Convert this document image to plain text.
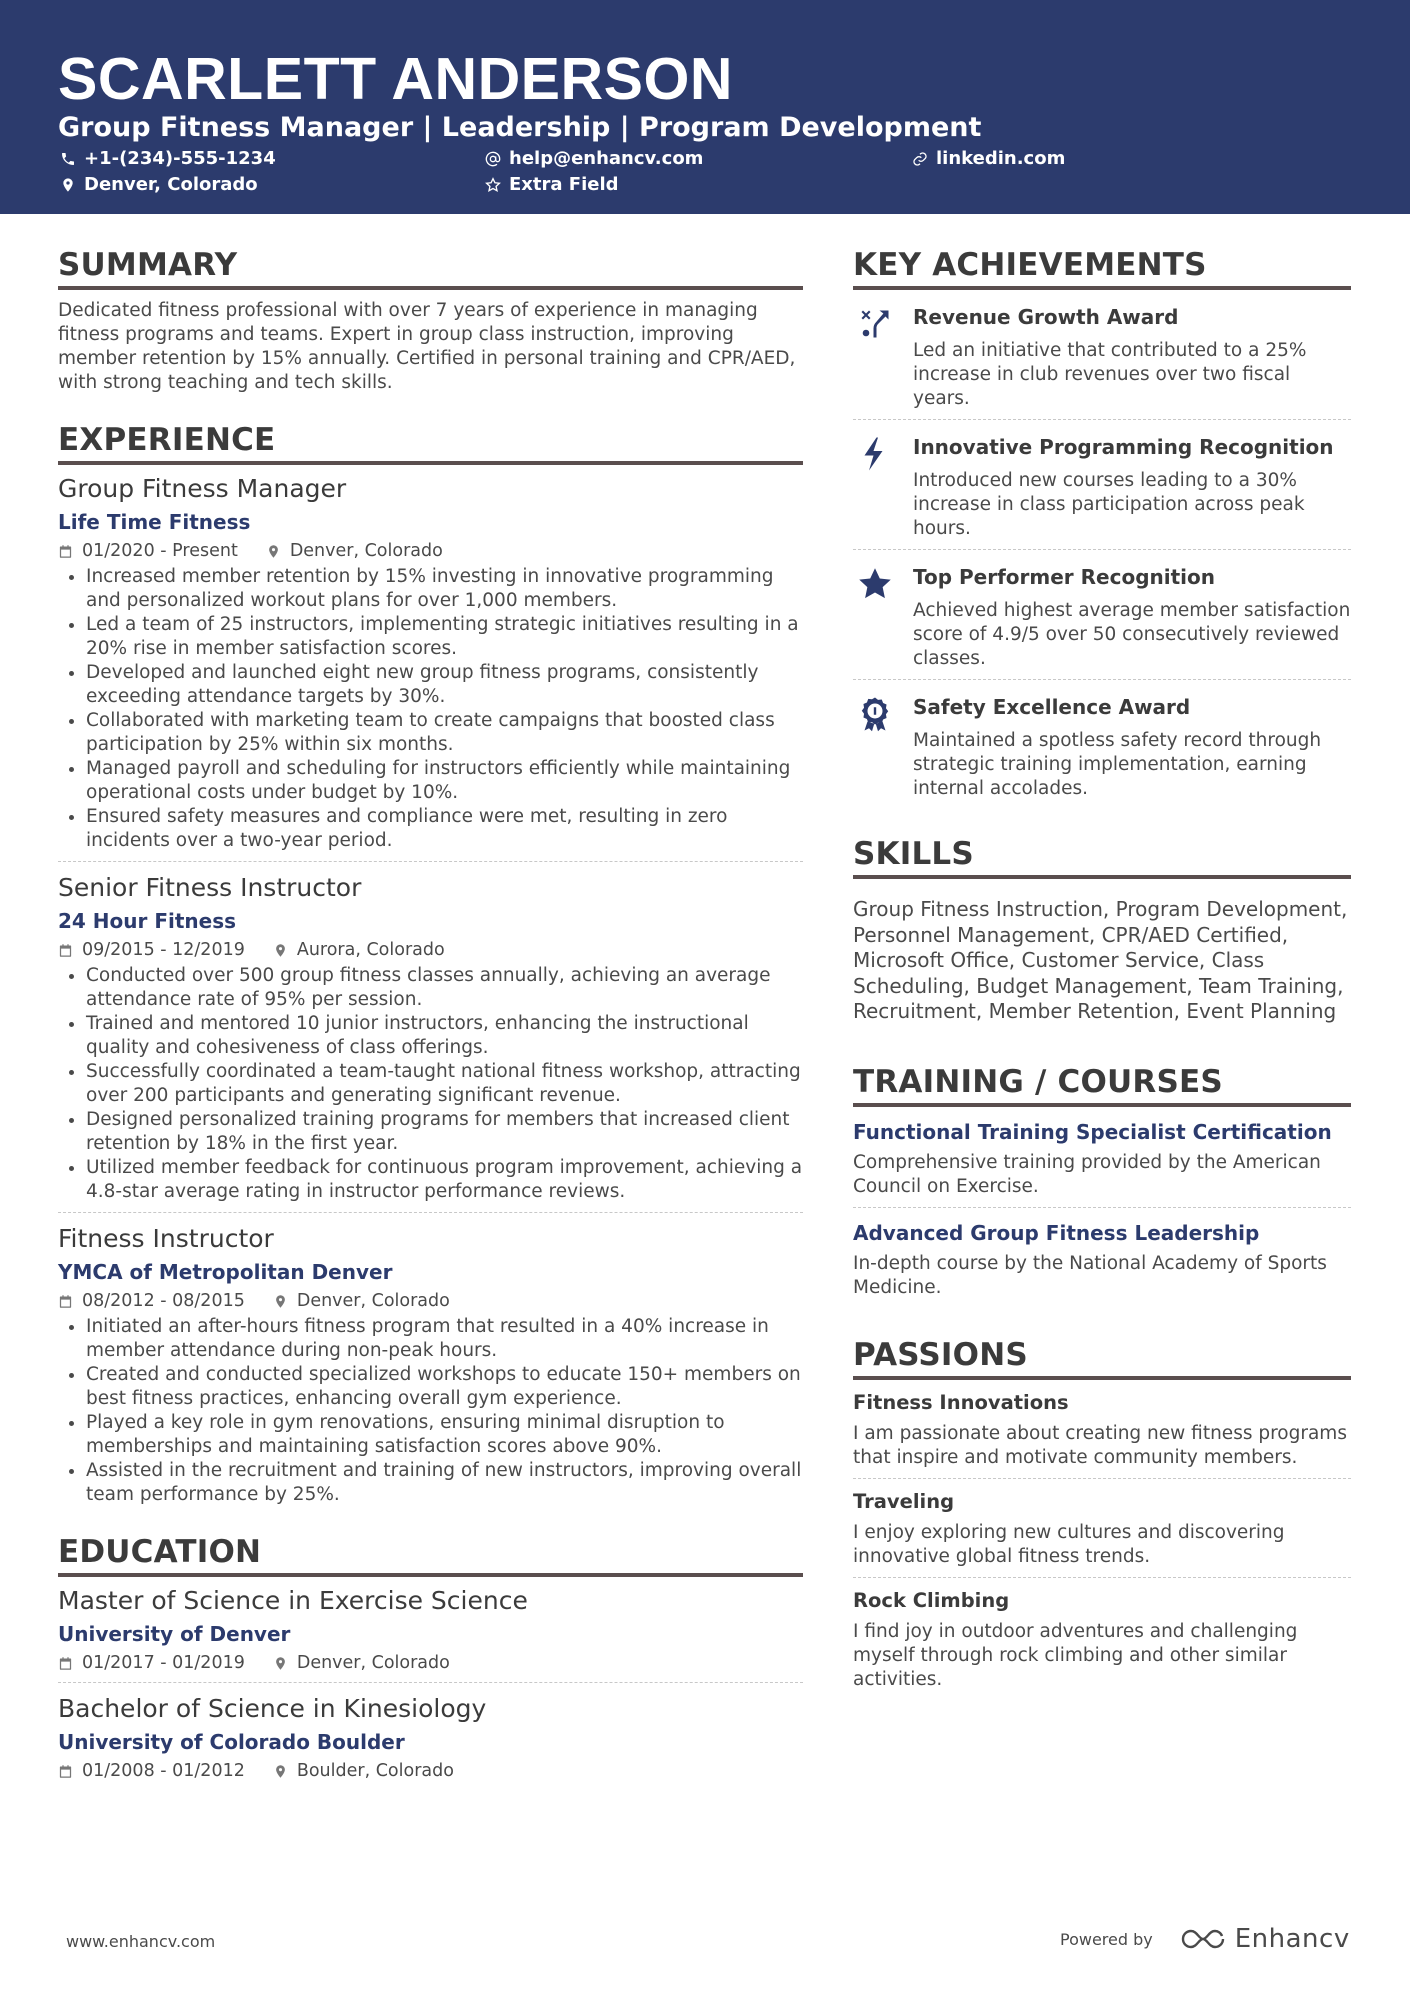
SCARLETT ANDERSON
Group Fitness Manager | Leadership | Program Development
+1-(234)-555-1234	help@enhancv.com	linkedin.com
Denver, Colorado	Extra Field
SUMMARY
Dedicated fitness professional with over 7 years of experience in managing fitness programs and teams. Expert in group class instruction, improving member retention by 15% annually. Certified in personal training and CPR/AED, with strong teaching and tech skills.
EXPERIENCE
Group Fitness Manager
Life Time Fitness
01/2020 - Present	Denver, Colorado
Increased member retention by 15% investing in innovative programming and personalized workout plans for over 1,000 members.
Led a team of 25 instructors, implementing strategic initiatives resulting in a 20% rise in member satisfaction scores.
Developed and launched eight new group fitness programs, consistently exceeding attendance targets by 30%.
Collaborated with marketing team to create campaigns that boosted class participation by 25% within six months.
Managed payroll and scheduling for instructors efficiently while maintaining operational costs under budget by 10%.
Ensured safety measures and compliance were met, resulting in zero incidents over a two-year period.
Senior Fitness Instructor
24 Hour Fitness
09/2015 - 12/2019	Aurora, Colorado
Conducted over 500 group fitness classes annually, achieving an average attendance rate of 95% per session.
Trained and mentored 10 junior instructors, enhancing the instructional quality and cohesiveness of class offerings.
Successfully coordinated a team-taught national fitness workshop, attracting over 200 participants and generating significant revenue.
Designed personalized training programs for members that increased client retention by 18% in the first year.
Utilized member feedback for continuous program improvement, achieving a 4.8-star average rating in instructor performance reviews.
Fitness Instructor
YMCA of Metropolitan Denver
08/2012 - 08/2015	Denver, Colorado
Initiated an after-hours fitness program that resulted in a 40% increase in member attendance during non-peak hours.
Created and conducted specialized workshops to educate 150+ members on best fitness practices, enhancing overall gym experience.
Played a key role in gym renovations, ensuring minimal disruption to memberships and maintaining satisfaction scores above 90%.
Assisted in the recruitment and training of new instructors, improving overall team performance by 25%.
EDUCATION
Master of Science in Exercise Science
University of Denver
01/2017 - 01/2019	Denver, Colorado
Bachelor of Science in Kinesiology
University of Colorado Boulder
01/2008 - 01/2012	Boulder, Colorado
KEY ACHIEVEMENTS
Revenue Growth Award
Led an initiative that contributed to a 25% increase in club revenues over two fiscal years.
Innovative Programming Recognition
Introduced new courses leading to a 30% increase in class participation across peak hours.
Top Performer Recognition
Achieved highest average member satisfaction score of 4.9/5 over 50 consecutively reviewed classes.
Safety Excellence Award
Maintained a spotless safety record through strategic training implementation, earning internal accolades.
SKILLS
Group Fitness Instruction, Program Development, Personnel Management, CPR/AED Certified, Microsoft Office, Customer Service, Class Scheduling, Budget Management, Team Training, Recruitment, Member Retention, Event Planning
TRAINING / COURSES
Functional Training Specialist Certification
Comprehensive training provided by the American Council on Exercise.
Advanced Group Fitness Leadership
In-depth course by the National Academy of Sports Medicine.
PASSIONS
Fitness Innovations
I am passionate about creating new fitness programs that inspire and motivate community members.
Traveling
I enjoy exploring new cultures and discovering innovative global fitness trends.
Rock Climbing
I find joy in outdoor adventures and challenging myself through rock climbing and other similar activities.
www.enhancv.com	Powered by	Enhancv
